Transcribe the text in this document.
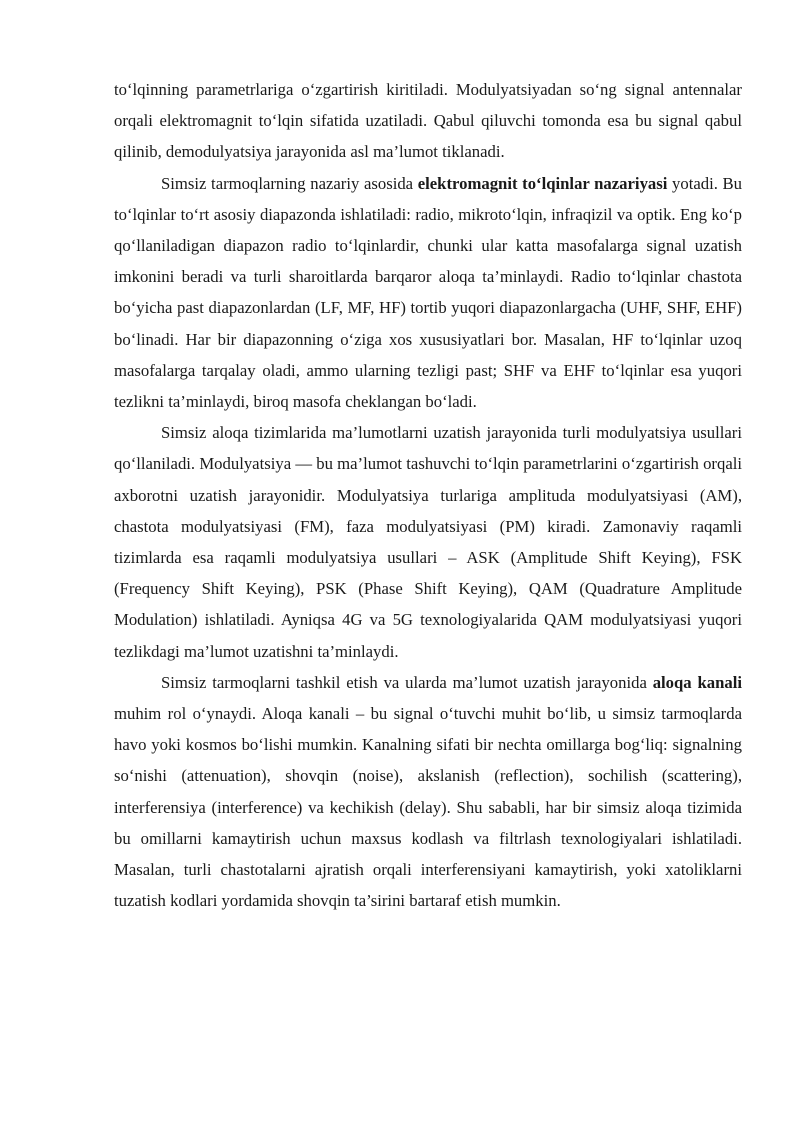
to‘lqinning parametrlariga o‘zgartirish kiritiladi. Modulyatsiyadan so‘ng signal antennalar orqali elektromagnit to‘lqin sifatida uzatiladi. Qabul qiluvchi tomonda esa bu signal qabul qilinib, demodulyatsiya jarayonida asl ma’lumot tiklanadi.

Simsiz tarmoqlarning nazariy asosida elektromagnit to‘lqinlar nazariyasi yotadi. Bu to‘lqinlar to‘rt asosiy diapazonda ishlatiladi: radio, mikroto‘lqin, infraqizil va optik. Eng ko‘p qo‘llaniladigan diapazon radio to‘lqinlardir, chunki ular katta masofalarga signal uzatish imkonini beradi va turli sharoitlarda barqaror aloqa ta’minlaydi. Radio to‘lqinlar chastota bo‘yicha past diapazonlardan (LF, MF, HF) tortib yuqori diapazonlargacha (UHF, SHF, EHF) bo‘linadi. Har bir diapazonning o‘ziga xos xususiyatlari bor. Masalan, HF to‘lqinlar uzoq masofalarga tarqalay oladi, ammo ularning tezligi past; SHF va EHF to‘lqinlar esa yuqori tezlikni ta’minlaydi, biroq masofa cheklangan bo‘ladi.

Simsiz aloqa tizimlarida ma’lumotlarni uzatish jarayonida turli modulyatsiya usullari qo‘llaniladi. Modulyatsiya — bu ma’lumot tashuvchi to‘lqin parametrlarini o‘zgartirish orqali axborotni uzatish jarayonidir. Modulyatsiya turlariga amplituda modulyatsiyasi (AM), chastota modulyatsiyasi (FM), faza modulyatsiyasi (PM) kiradi. Zamonaviy raqamli tizimlarda esa raqamli modulyatsiya usullari – ASK (Amplitude Shift Keying), FSK (Frequency Shift Keying), PSK (Phase Shift Keying), QAM (Quadrature Amplitude Modulation) ishlatiladi. Ayniqsa 4G va 5G texnologiyalarida QAM modulyatsiyasi yuqori tezlikdagi ma’lumot uzatishni ta’minlaydi.

Simsiz tarmoqlarni tashkil etish va ularda ma’lumot uzatish jarayonida aloqa kanali muhim rol o‘ynaydi. Aloqa kanali – bu signal o‘tuvchi muhit bo‘lib, u simsiz tarmoqlarda havo yoki kosmos bo‘lishi mumkin. Kanalning sifati bir nechta omillarga bog‘liq: signalning so‘nishi (attenuation), shovqin (noise), akslanish (reflection), sochilish (scattering), interferensiya (interference) va kechikish (delay). Shu sababli, har bir simsiz aloqa tizimida bu omillarni kamaytirish uchun maxsus kodlash va filtrlash texnologiyalari ishlatiladi. Masalan, turli chastotalarni ajratish orqali interferensiyani kamaytirish, yoki xatoliklarni tuzatish kodlari yordamida shovqin ta’sirini bartaraf etish mumkin.
